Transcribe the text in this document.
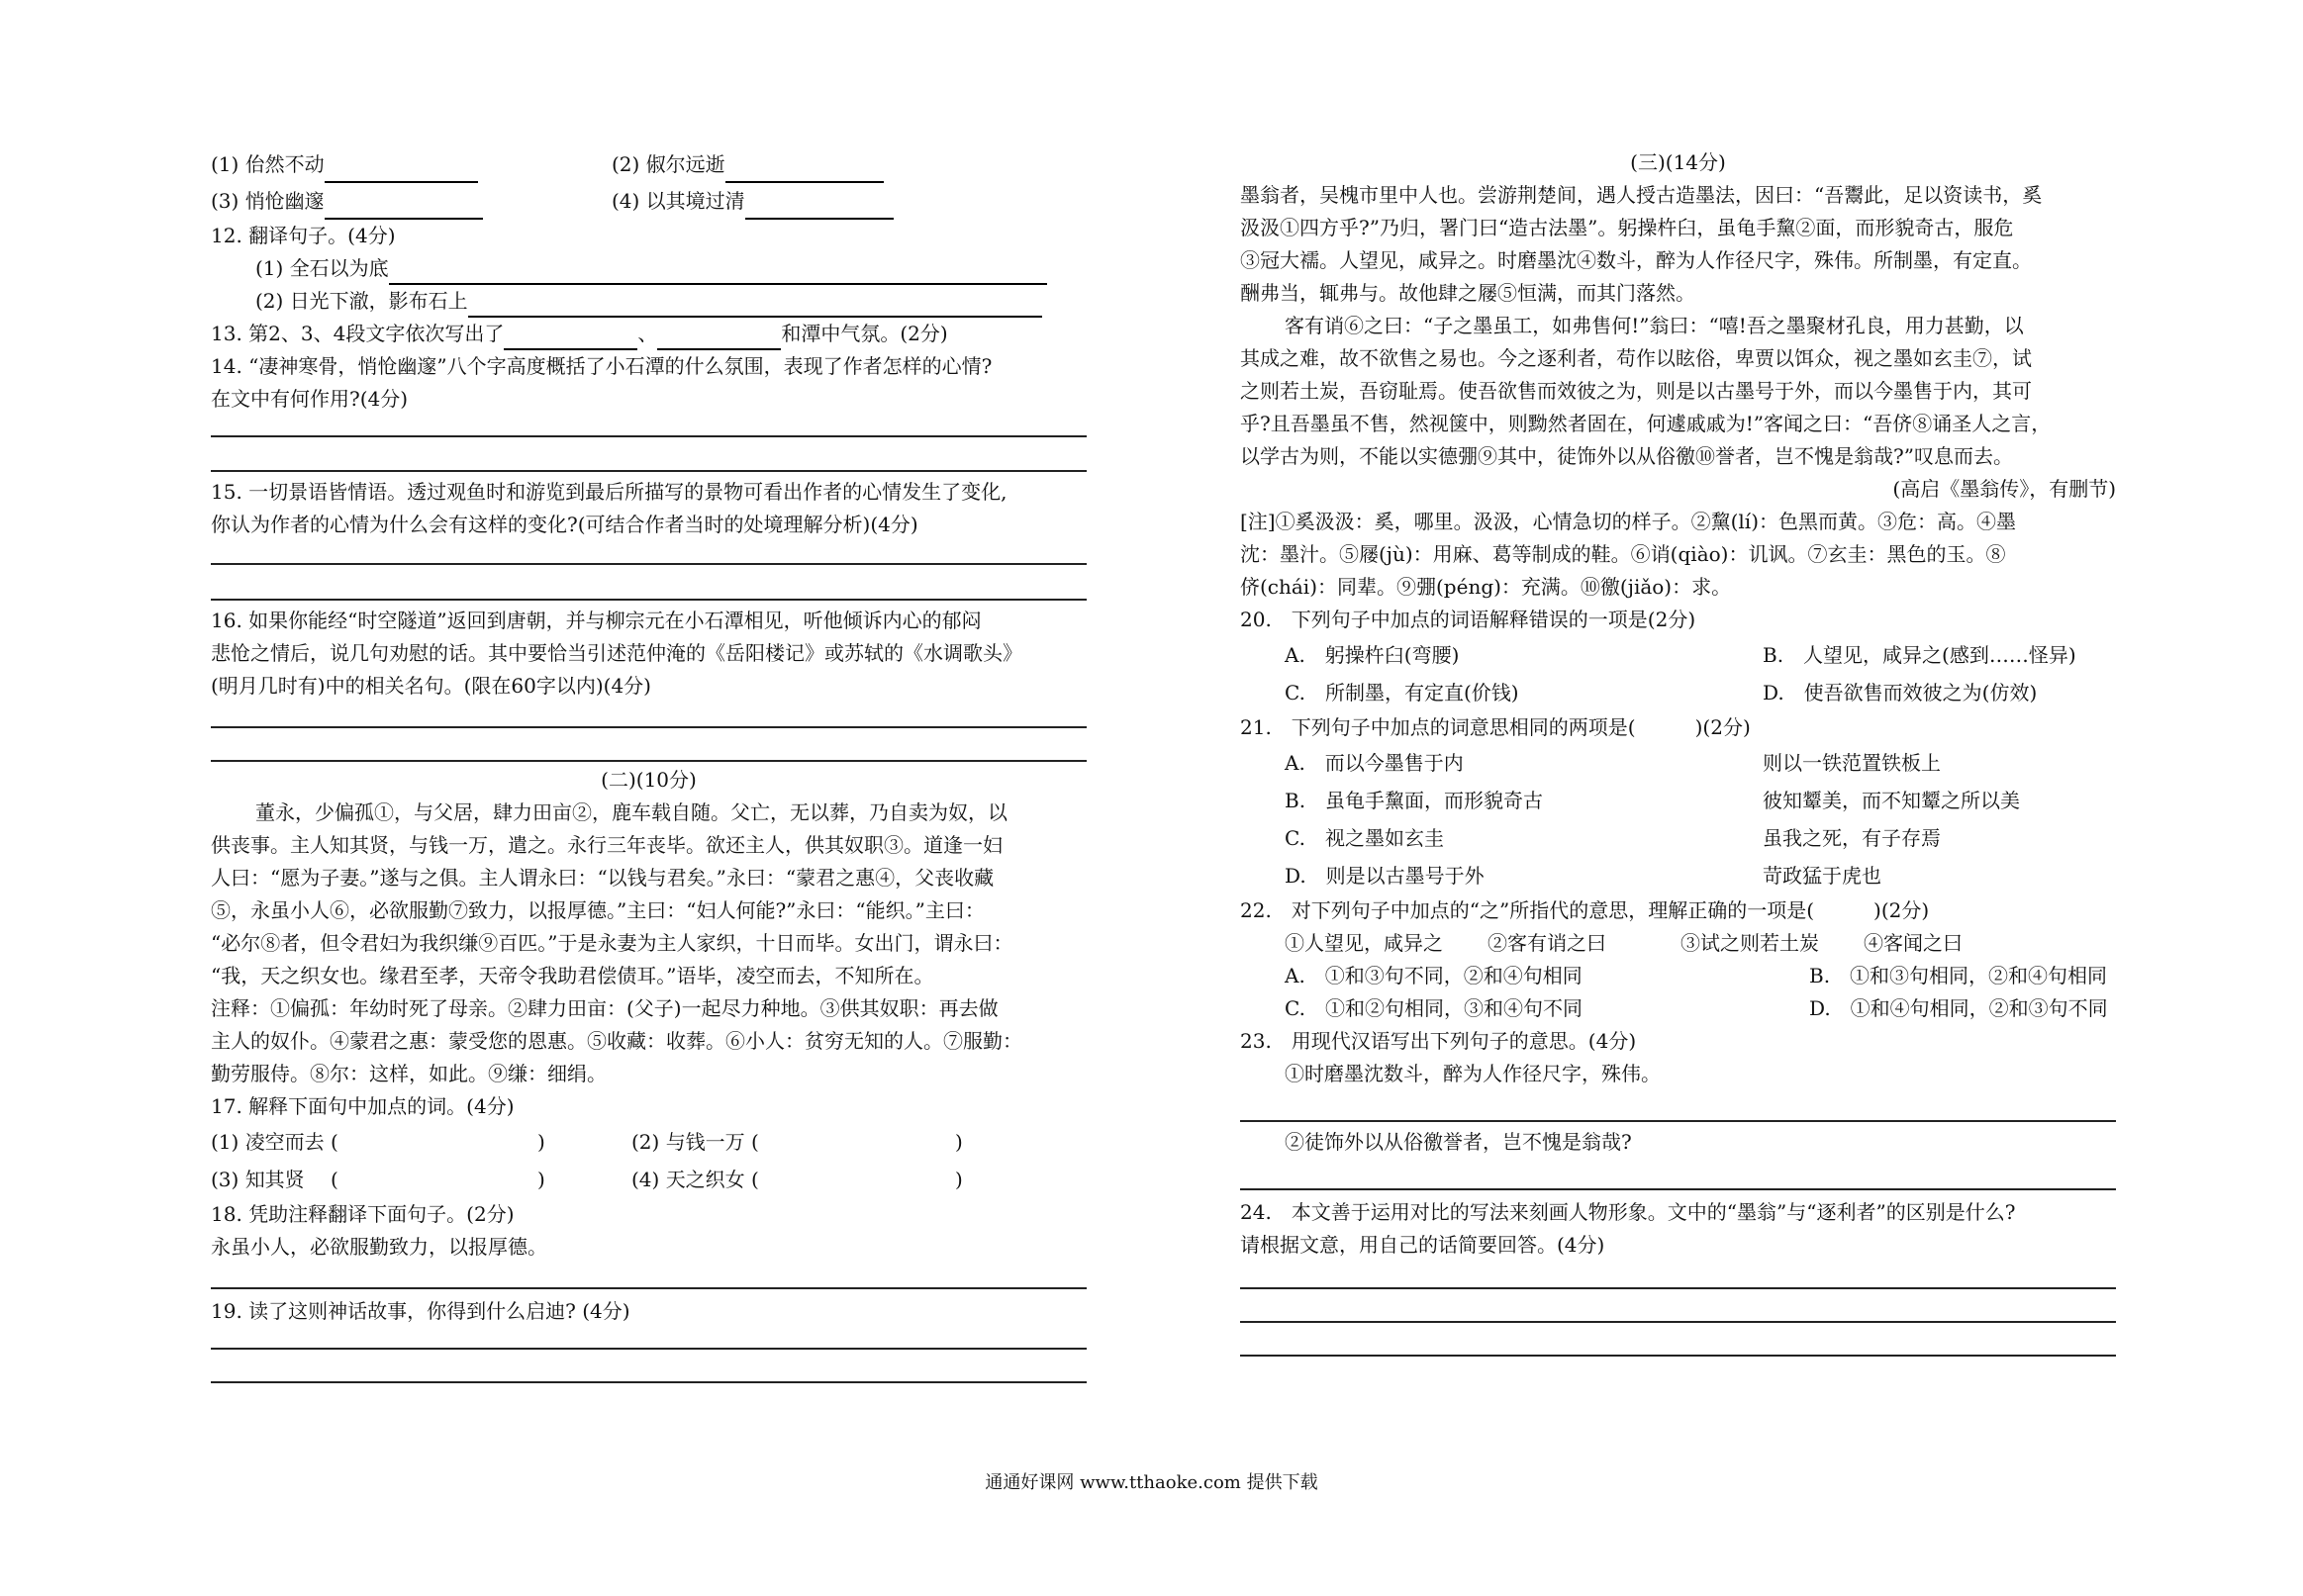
(1) 佁然不动	(2) 俶尔远逝
(3) 悄怆幽邃	(4) 以其境过清
12. 翻译句子。(4分)
(1) 全石以为底
(2) 日光下澈，影布石上
13. 第2、3、4段文字依次写出了	、	和潭中气氛。(2分)
14. “凄神寒骨，悄怆幽邃”八个字高度概括了小石潭的什么氛围，表现了作者怎样的心情?
在文中有何作用?(4分)
15. 一切景语皆情语。透过观鱼时和游览到最后所描写的景物可看出作者的心情发生了变化,
你认为作者的心情为什么会有这样的变化?(可结合作者当时的处境理解分析)(4分)
16. 如果你能经“时空隧道”返回到唐朝，并与柳宗元在小石潭相见，听他倾诉内心的郁闷
悲怆之情后，说几句劝慰的话。其中要恰当引述范仲淹的《岳阳楼记》或苏轼的《水调歌头》
(明月几时有)中的相关名句。(限在60字以内)(4分)
(二)(10分)
董永，少偏孤①，与父居，肆力田亩②，鹿车载自随。父亡，无以葬，乃自卖为奴，以
供丧事。主人知其贤，与钱一万，遣之。永行三年丧毕。欲还主人，供其奴职③。道逢一妇
人曰：“愿为子妻。”遂与之俱。主人谓永曰：“以钱与君矣。”永曰：“蒙君之惠④，父丧收藏
⑤，永虽小人⑥，必欲服勤⑦致力，以报厚德。”主曰：“妇人何能?”永曰：“能织。”主曰：
“必尔⑧者，但令君妇为我织缣⑨百匹。”于是永妻为主人家织，十日而毕。女出门，谓永曰：
“我，天之织女也。缘君至孝，天帝令我助君偿债耳。”语毕，凌空而去，不知所在。
注释：①偏孤：年幼时死了母亲。②肆力田亩：(父子)一起尽力种地。③供其奴职：再去做
主人的奴仆。④蒙君之惠：蒙受您的恩惠。⑤收藏：收葬。⑥小人：贫穷无知的人。⑦服勤：
勤劳服侍。⑧尔：这样，如此。⑨缣：细绢。
17. 解释下面句中加点的词。(4分)
(1) 凌空而去 (	)	(2) 与钱一万 (	)
(3) 知其贤　 (	)	(4) 天之织女 (	)
18. 凭助注释翻译下面句子。(2分)
永虽小人，必欲服勤致力，以报厚德。
19. 读了这则神话故事，你得到什么启迪? (4分)
(三)(14分)
墨翁者，吴槐市里中人也。尝游荆楚间，遇人授古造墨法，因曰：“吾鬻此，足以资读书，奚
汲汲①四方乎?”乃归，署门曰“造古法墨”。躬操杵臼，虽龟手黧②面，而形貌奇古，服危
③冠大襦。人望见，咸异之。时磨墨沈④数斗，醉为人作径尺字，殊伟。所制墨，有定直。
酬弗当，辄弗与。故他肆之屦⑤恒满，而其门落然。
客有诮⑥之曰：“子之墨虽工，如弗售何!”翁曰：“嘻!吾之墨聚材孔良，用力甚勤，以
其成之难，故不欲售之易也。今之逐利者，苟作以眩俗，卑贾以饵众，视之墨如玄圭⑦，试
之则若土炭，吾窃耻焉。使吾欲售而效彼之为，则是以古墨号于外，而以今墨售于内，其可
乎?且吾墨虽不售，然视箧中，则黝然者固在，何遽戚戚为!”客闻之曰：“吾侪⑧诵圣人之言，
以学古为则，不能以实德弸⑨其中，徒饰外以从俗徼⑩誉者，岂不愧是翁哉?”叹息而去。
(高启《墨翁传》，有删节)
[注]①奚汲汲：奚，哪里。汲汲，心情急切的样子。②黧(lí)：色黑而黄。③危：高。④墨
沈：墨汁。⑤屦(jù)：用麻、葛等制成的鞋。⑥诮(qiào)：讥讽。⑦玄圭：黑色的玉。⑧
侪(chái)：同辈。⑨弸(péng)：充满。⑩徼(jiǎo)：求。
20.　下列句子中加点的词语解释错误的一项是(2分)
A.　躬操杵臼(弯腰)	B.　人望见，咸异之(感到……怪异)
C.　所制墨，有定直(价钱)	D.　使吾欲售而效彼之为(仿效)
21.　下列句子中加点的词意思相同的两项是(　　　)(2分)
A.　而以今墨售于内	则以一铁范置铁板上
B.　虽龟手黧面，而形貌奇古	彼知颦美，而不知颦之所以美
C.　视之墨如玄圭	虽我之死，有子存焉
D.　则是以古墨号于外	苛政猛于虎也
22.　对下列句子中加点的“之”所指代的意思，理解正确的一项是(　　　)(2分)
①人望见，咸异之 ②客有诮之曰	③试之则若土炭 ④客闻之曰
A.　①和③句不同，②和④句相同	B.　①和③句相同，②和④句相同
C.　①和②句相同，③和④句不同	D.　①和④句相同，②和③句不同
23.　用现代汉语写出下列句子的意思。(4分)
①时磨墨沈数斗，醉为人作径尺字，殊伟。
②徒饰外以从俗徼誉者，岂不愧是翁哉?
24.　本文善于运用对比的写法来刻画人物形象。文中的“墨翁”与“逐利者”的区别是什么?
请根据文意，用自己的话简要回答。(4分)
通通好课网 www.tthaoke.com 提供下载
